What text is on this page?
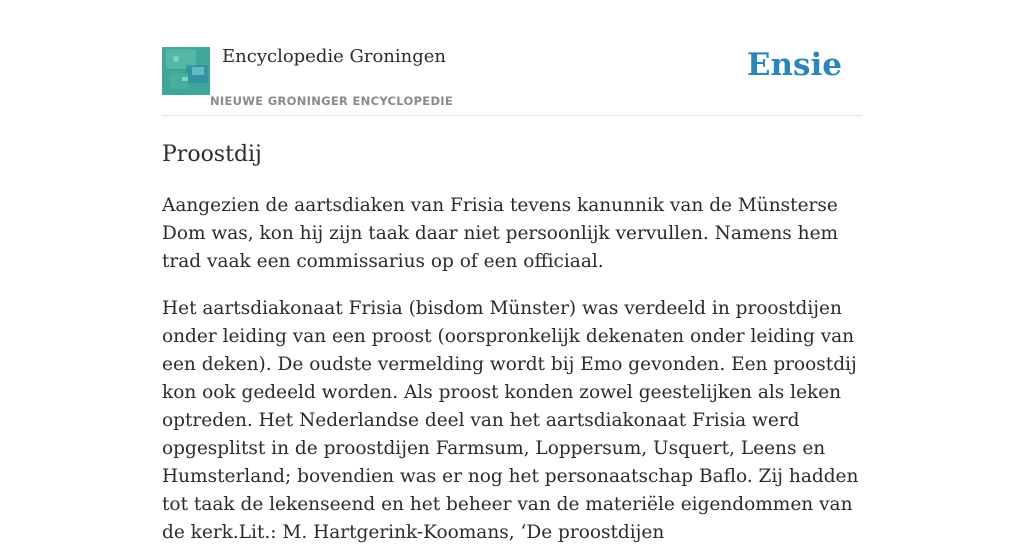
Encyclopedie Groningen
NIEUWE GRONINGER ENCYCLOPEDIE
Ensie
Proostdij

Aangezien de aartsdiaken van Frisia tevens kanunnik van de Münsterse Dom was, kon hij zijn taak daar niet persoonlijk vervullen. Namens hem trad vaak een commissarius op of een officiaal.

Het aartsdiakonaat Frisia (bisdom Münster) was verdeeld in proostdijen onder leiding van een proost (oorspronkelijk dekenaten onder leiding van een deken). De oudste vermelding wordt bij Emo gevonden. Een proostdij kon ook gedeeld worden. Als proost konden zowel geestelijken als leken optreden. Het Nederlandse deel van het aartsdiakonaat Frisia werd opgesplitst in de proostdijen Farmsum, Loppersum, Usquert, Leens en Humsterland; bovendien was er nog het personaatschap Baflo. Zij hadden tot taak de lekenseend en het beheer van de materiële eigendommen van de kerk.Lit.: M. Hartgerink-Koomans, ‘De proostdijen
